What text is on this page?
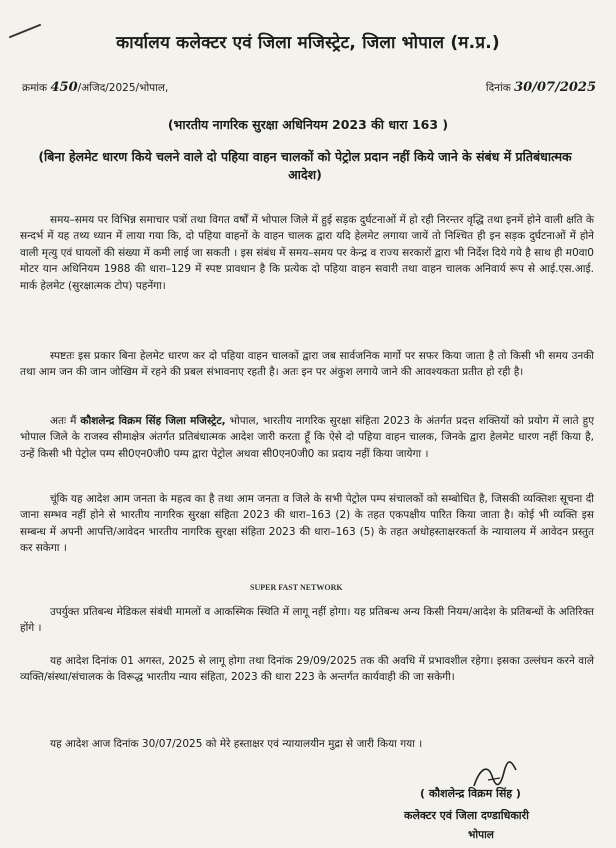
कार्यालय कलेक्टर एवं जिला मजिस्ट्रेट, जिला भोपाल (म.प्र.)
क्रमांक 450/अजिद/2025/भोपाल,	दिनांक 30/07/2025
(भारतीय नागरिक सुरक्षा अधिनियम 2023 की धारा 163 )
(बिना हेलमेट धारण किये चलने वाले दो पहिया वाहन चालकों को पेट्रोल प्रदान नहीं किये जाने के संबंध में प्रतिबंधात्मक आदेश)
समय–समय पर विभिन्न समाचार पत्रों तथा विगत वर्षों में भोपाल जिले में हुई सड़क दुर्घटनाओं में हो रही निरन्तर वृद्धि तथा इनमें होने वाली क्षति के सन्दर्भ में यह तथ्य ध्यान में लाया गया कि, दो पहिया वाहनों के वाहन चालक द्वारा यदि हेलमेट लगाया जायें तो निश्चित ही इन सड़क दुर्घटनाओं में होने वाली मृत्यु एवं घायलों की संख्या में कमी लाई जा सकती । इस संबंध में समय–समय पर केन्द्र व राज्य सरकारों द्वारा भी निर्देश दिये गये है साथ ही म0वा0 मोटर यान अधिनियम 1988 की धारा–129 में स्पष्ट प्रावधान है कि प्रत्येक दो पहिया वाहन सवारी तथा वाहन चालक अनिवार्य रूप से आई.एस.आई. मार्क हेलमेट (सुरक्षात्मक टोप) पहनेंगा।
स्पष्टतः इस प्रकार बिना हेलमेट धारण कर दो पहिया वाहन चालकों द्वारा जब सार्वजनिक मार्गो पर सफर किया जाता है तो किसी भी समय उनकी तथा आम जन की जान जोखिम में रहने की प्रबल संभावनाए रहती है। अतः इन पर अंकुश लगाये जाने की आवश्यकता प्रतीत हो रही है।
अतः मैं कौशलेन्द्र विक्रम सिंह जिला मजिस्ट्रेट, भोपाल, भारतीय नागरिक सुरक्षा संहिता 2023 के अंतर्गत प्रदत्त शक्तियों को प्रयोग में लाते हुए भोपाल जिले के राजस्व सीमाक्षेत्र अंतर्गत प्रतिबंधात्मक आदेश जारी करता हूँ कि ऐसे दो पहिया वाहन चालक, जिनके द्वारा हेलमेट धारण नहीं किया है, उन्हें किसी भी पेट्रोल पम्प सी0एन0जी0 पम्प द्वारा पेट्रोल अथवा सी0एन0जी0 का प्रदाय नहीं किया जायेगा ।
चूंकि यह आदेश आम जनता के महत्व का है तथा आम जनता व जिले के सभी पेट्रोल पम्प संचालकों को सम्बोधित है, जिसकी व्यक्तिशः सूचना दी जाना सम्भव नहीं होने से भारतीय नागरिक सुरक्षा संहिता 2023 की धारा–163 (2) के तहत एकपक्षीय पारित किया जाता है। कोई भी व्यक्ति इस सम्बन्ध में अपनी आपत्ति/आवेदन भारतीय नागरिक सुरक्षा संहिता 2023 की धारा–163 (5) के तहत अधोहस्ताक्षरकर्ता के न्यायालय में आवेदन प्रस्तुत कर सकेगा ।
SUPER FAST NETWORK
उपर्युक्त प्रतिबन्ध मेडिकल संबंधी मामलों व आकस्मिक स्थिति में लागू नहीं होगा। यह प्रतिबन्ध अन्य किसी नियम/आदेश के प्रतिबन्धों के अतिरिक्त होंगे ।
यह आदेश दिनांक 01 अगस्त, 2025 से लागू होगा तथा दिनांक 29/09/2025 तक की अवधि में प्रभावशील रहेगा। इसका उल्लंघन करने वाले व्यक्ति/संस्था/संचालक के विरूद्ध भारतीय न्याय संहिता, 2023 की धारा 223 के अन्तर्गत कार्यवाही की जा सकेगी।
यह आदेश आज दिनांक 30/07/2025 को मेरे हस्ताक्षर एवं न्यायालयीन मुद्रा से जारी किया गया ।
( कौशलेन्द्र विक्रम सिंह )
कलेक्टर एवं जिला दण्डाधिकारी
भोपाल
